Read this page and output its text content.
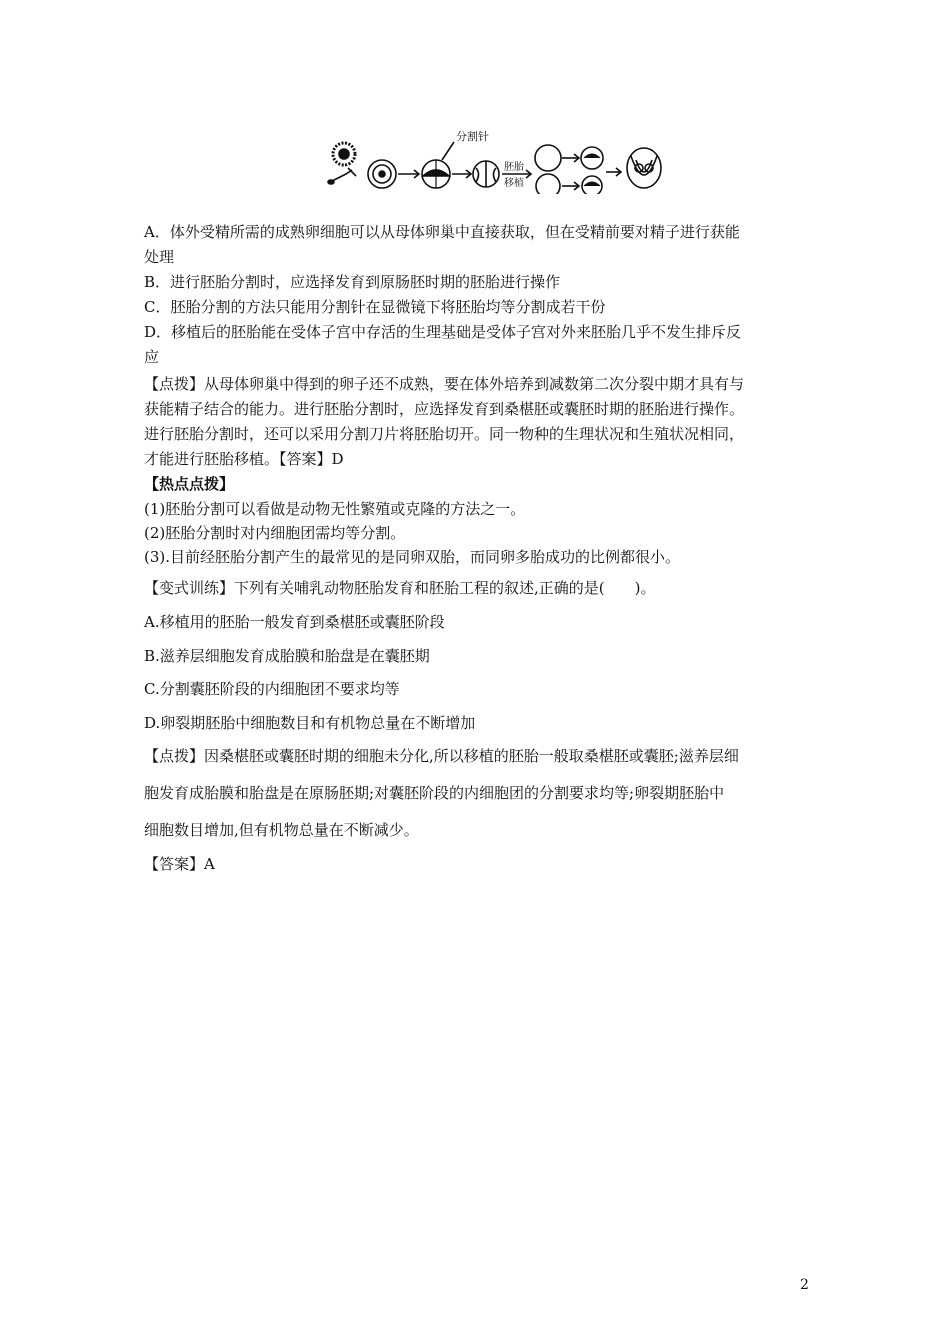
分割针
胚胎
移植
A．体外受精所需的成熟卵细胞可以从母体卵巢中直接获取，但在受精前要对精子进行获能
处理
B．进行胚胎分割时，应选择发育到原肠胚时期的胚胎进行操作
C．胚胎分割的方法只能用分割针在显微镜下将胚胎均等分割成若干份
D．移植后的胚胎能在受体子宫中存活的生理基础是受体子宫对外来胚胎几乎不发生排斥反
应
【点拨】从母体卵巢中得到的卵子还不成熟，要在体外培养到减数第二次分裂中期才具有与
获能精子结合的能力。进行胚胎分割时，应选择发育到桑椹胚或囊胚时期的胚胎进行操作。
进行胚胎分割时，还可以采用分割刀片将胚胎切开。同一物种的生理状况和生殖状况相同，
才能进行胚胎移植。【答案】D
【热点点拨】
(1)胚胎分割可以看做是动物无性繁殖或克隆的方法之一。
(2)胚胎分割时对内细胞团需均等分割。
(3).目前经胚胎分割产生的最常见的是同卵双胎，而同卵多胎成功的比例都很小。
【变式训练】下列有关哺乳动物胚胎发育和胚胎工程的叙述,正确的是(　　)。
A.移植用的胚胎一般发育到桑椹胚或囊胚阶段
B.滋养层细胞发育成胎膜和胎盘是在囊胚期
C.分割囊胚阶段的内细胞团不要求均等
D.卵裂期胚胎中细胞数目和有机物总量在不断增加
【点拨】因桑椹胚或囊胚时期的细胞未分化,所以移植的胚胎一般取桑椹胚或囊胚;滋养层细
胞发育成胎膜和胎盘是在原肠胚期;对囊胚阶段的内细胞团的分割要求均等;卵裂期胚胎中
细胞数目增加,但有机物总量在不断减少。
【答案】A
2
